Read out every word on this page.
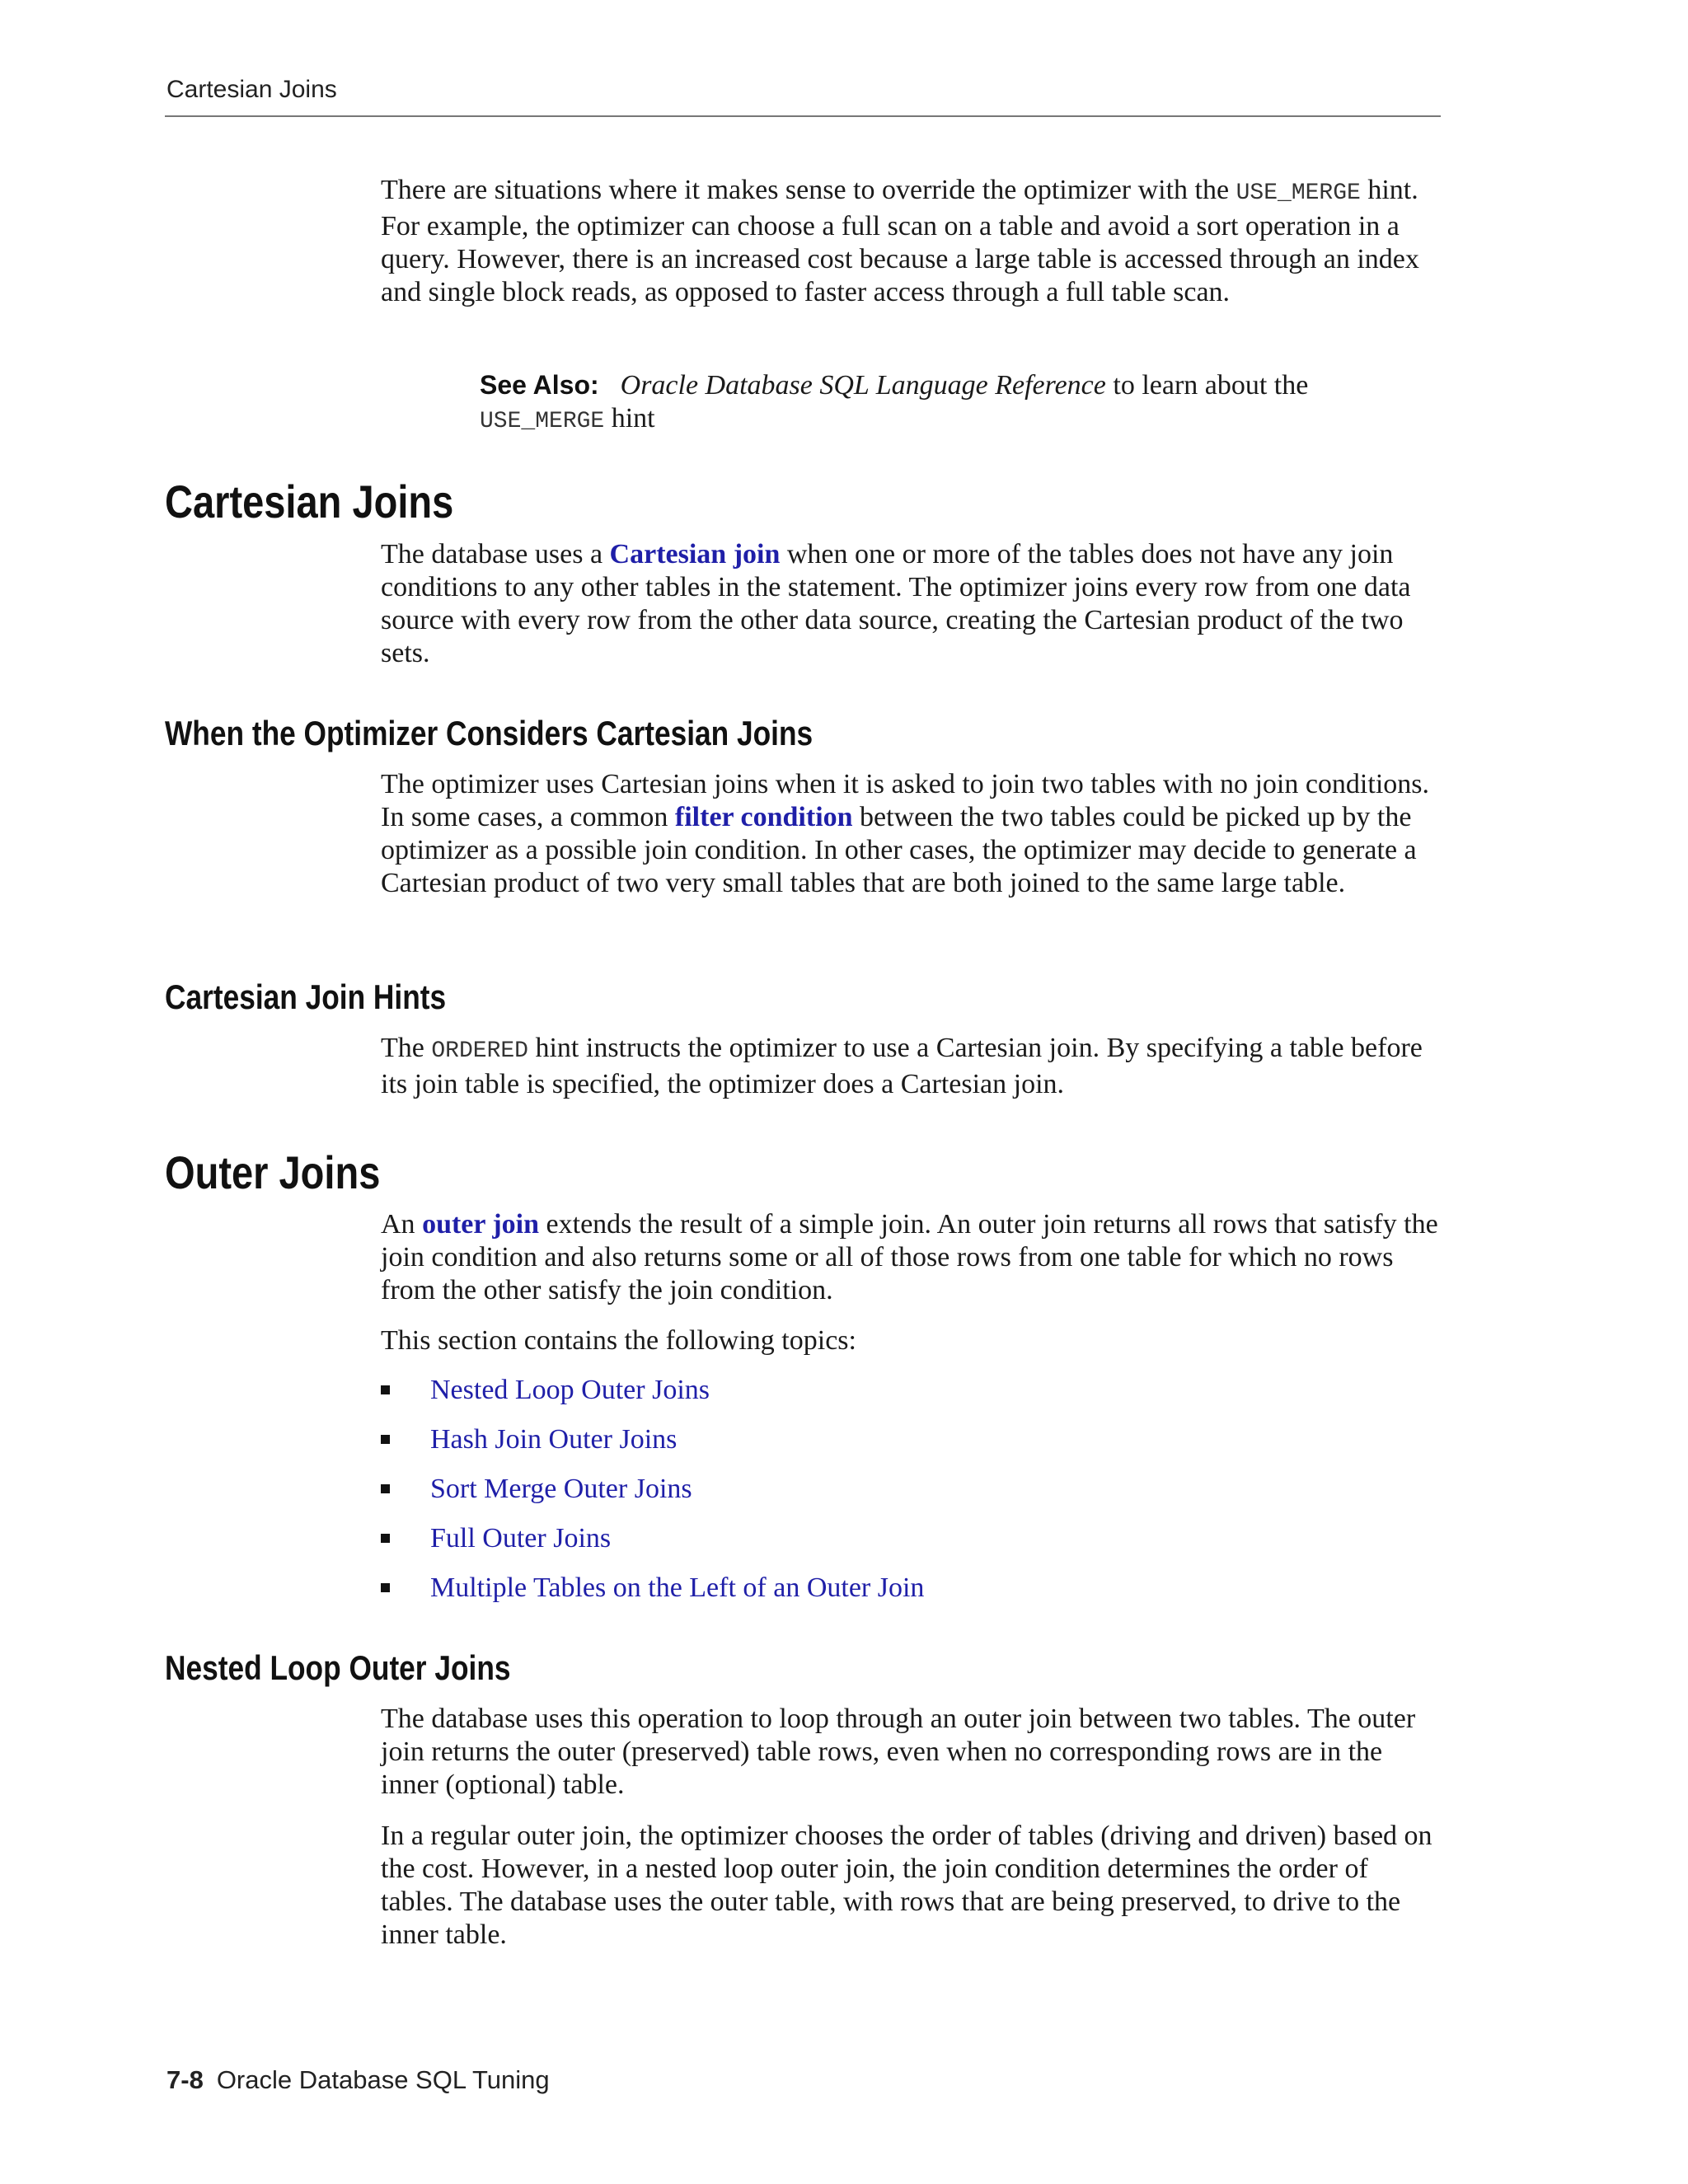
Cartesian Joins

There are situations where it makes sense to override the optimizer with the USE_MERGE hint. For example, the optimizer can choose a full scan on a table and avoid a sort operation in a query. However, there is an increased cost because a large table is accessed through an index and single block reads, as opposed to faster access through a full table scan.

See Also: Oracle Database SQL Language Reference to learn about the USE_MERGE hint

Cartesian Joins

The database uses a Cartesian join when one or more of the tables does not have any join conditions to any other tables in the statement. The optimizer joins every row from one data source with every row from the other data source, creating the Cartesian product of the two sets.

When the Optimizer Considers Cartesian Joins

The optimizer uses Cartesian joins when it is asked to join two tables with no join conditions. In some cases, a common filter condition between the two tables could be picked up by the optimizer as a possible join condition. In other cases, the optimizer may decide to generate a Cartesian product of two very small tables that are both joined to the same large table.

Cartesian Join Hints

The ORDERED hint instructs the optimizer to use a Cartesian join. By specifying a table before its join table is specified, the optimizer does a Cartesian join.

Outer Joins

An outer join extends the result of a simple join. An outer join returns all rows that satisfy the join condition and also returns some or all of those rows from one table for which no rows from the other satisfy the join condition.

This section contains the following topics:

Nested Loop Outer Joins
Hash Join Outer Joins
Sort Merge Outer Joins
Full Outer Joins
Multiple Tables on the Left of an Outer Join
Nested Loop Outer Joins

The database uses this operation to loop through an outer join between two tables. The outer join returns the outer (preserved) table rows, even when no corresponding rows are in the inner (optional) table.

In a regular outer join, the optimizer chooses the order of tables (driving and driven) based on the cost. However, in a nested loop outer join, the join condition determines the order of tables. The database uses the outer table, with rows that are being preserved, to drive to the inner table.

7-8 Oracle Database SQL Tuning
